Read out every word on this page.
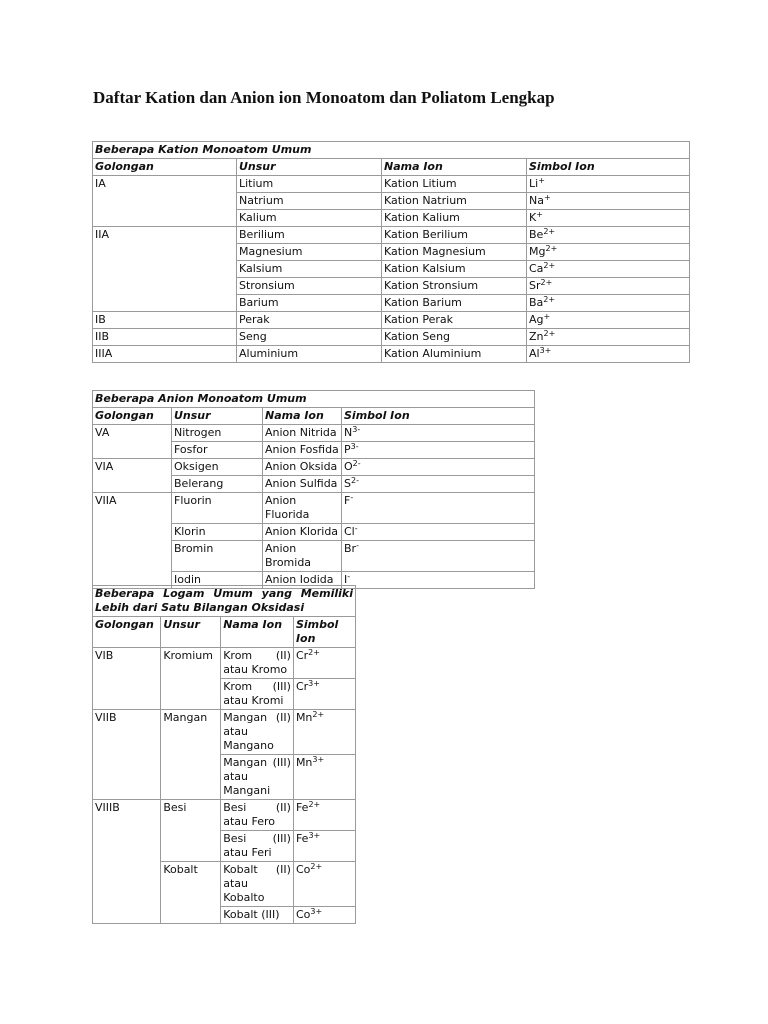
Daftar Kation dan Anion ion Monoatom dan Poliatom Lengkap
Beberapa Kation Monoatom Umum			
Golongan	Unsur	Nama Ion	Simbol Ion
IA	Litium	Kation Litium	Li+
	Natrium	Kation Natrium	Na+
	Kalium	Kation Kalium	K+
IIA	Berilium	Kation Berilium	$Be^{2+}$
	Magnesium	Kation Magnesium	$Mg^{2+}$
	Kalsium	Kation Kalsium	$Ca^{2+}$
	Stronsium	Kation Stronsium	$Sr^{2+}$
	Barium	Kation Barium	$Ba^{2+}$
IB	Perak	Kation Perak	Ag+
IIB	Seng	Kation Seng	$Zn^{2+}$
IIIA	Aluminium	Kation Aluminium	$Al^{3+}$
Beberapa Anion Monoatom Umum			
Golongan	Unsur	Nama Ion	Simbol Ion
VA	Nitrogen	Anion Nitrida	$N^{3-}$
	Fosfor	Anion Fosfida	$P^{3-}$
VIA	Oksigen	Anion Oksida	$O^{2-}$
	Belerang	Anion Sulfida	$S^{2-}$
VIIA	Fluorin	Anion Fluorida	F-
	Klorin	Anion Klorida	Cl-
	Bromin	Anion Bromida	Br-
	Iodin	Anion Iodida	I-
Beberapa Logam Umum yang Memiliki Lebih dari Satu Bilangan Oksidasi			
Golongan	Unsur	Nama Ion	Simbol Ion
VIB	Kromium	Krom (II) atau Kromo	$Cr^{2+}$
		Krom (III) atau Kromi	$Cr^{3+}$
VIIB	Mangan	Mangan (II) atau Mangano	$Mn^{2+}$
		Mangan (III) atau Mangani	$Mn^{3+}$
VIIIB	Besi	Besi (II) atau Fero	$Fe^{2+}$
		Besi (III) atau Feri	$Fe^{3+}$
	Kobalt	Kobalt (II) atau Kobalto	$Co^{2+}$
		Kobalt (III)	$Co^{3+}$
